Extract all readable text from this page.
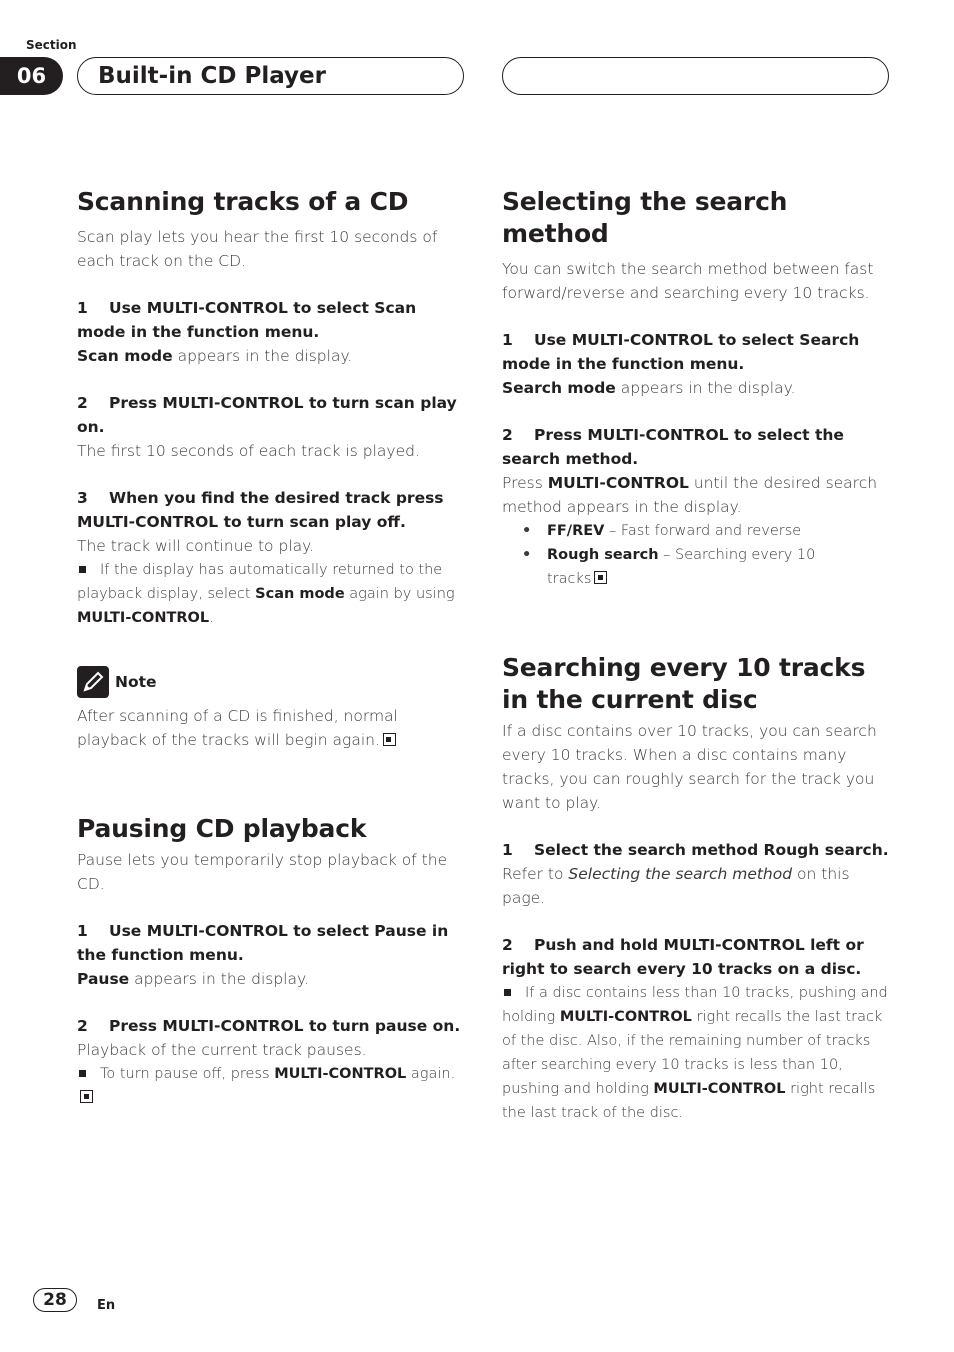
Section
06	Built-in CD Player
Scanning tracks of a CD

Scan play lets you hear the first 10 seconds of each track on the CD.

1 Use MULTI-CONTROL to select Scan mode in the function menu.

Scan mode appears in the display.

2 Press MULTI-CONTROL to turn scan play on.

The first 10 seconds of each track is played.

3 When you find the desired track press MULTI-CONTROL to turn scan play off.

The track will continue to play.

If the display has automatically returned to the playback display, select Scan mode again by using MULTI-CONTROL.
Note

After scanning of a CD is finished, normal playback of the tracks will begin again.

Pausing CD playback

Pause lets you temporarily stop playback of the CD.

1 Use MULTI-CONTROL to select Pause in the function menu.

Pause appears in the display.

2 Press MULTI-CONTROL to turn pause on.

Playback of the current track pauses.

To turn pause off, press MULTI-CONTROL again.
Selecting the search method

You can switch the search method between fast forward/reverse and searching every 10 tracks.

1 Use MULTI-CONTROL to select Search mode in the function menu.

Search mode appears in the display.

2 Press MULTI-CONTROL to select the search method.

Press MULTI-CONTROL until the desired search method appears in the display.

•	FF/REV – Fast forward and reverse
•	Rough search – Searching every 10 tracks
Searching every 10 tracks in the current disc

If a disc contains over 10 tracks, you can search every 10 tracks. When a disc contains many tracks, you can roughly search for the track you want to play.

1 Select the search method Rough search.

Refer to Selecting the search method on this page.

2 Push and hold MULTI-CONTROL left or right to search every 10 tracks on a disc.
If a disc contains less than 10 tracks, pushing and holding MULTI-CONTROL right recalls the last track of the disc. Also, if the remaining number of tracks after searching every 10 tracks is less than 10, pushing and holding MULTI-CONTROL right recalls the last track of the disc.
28	En
